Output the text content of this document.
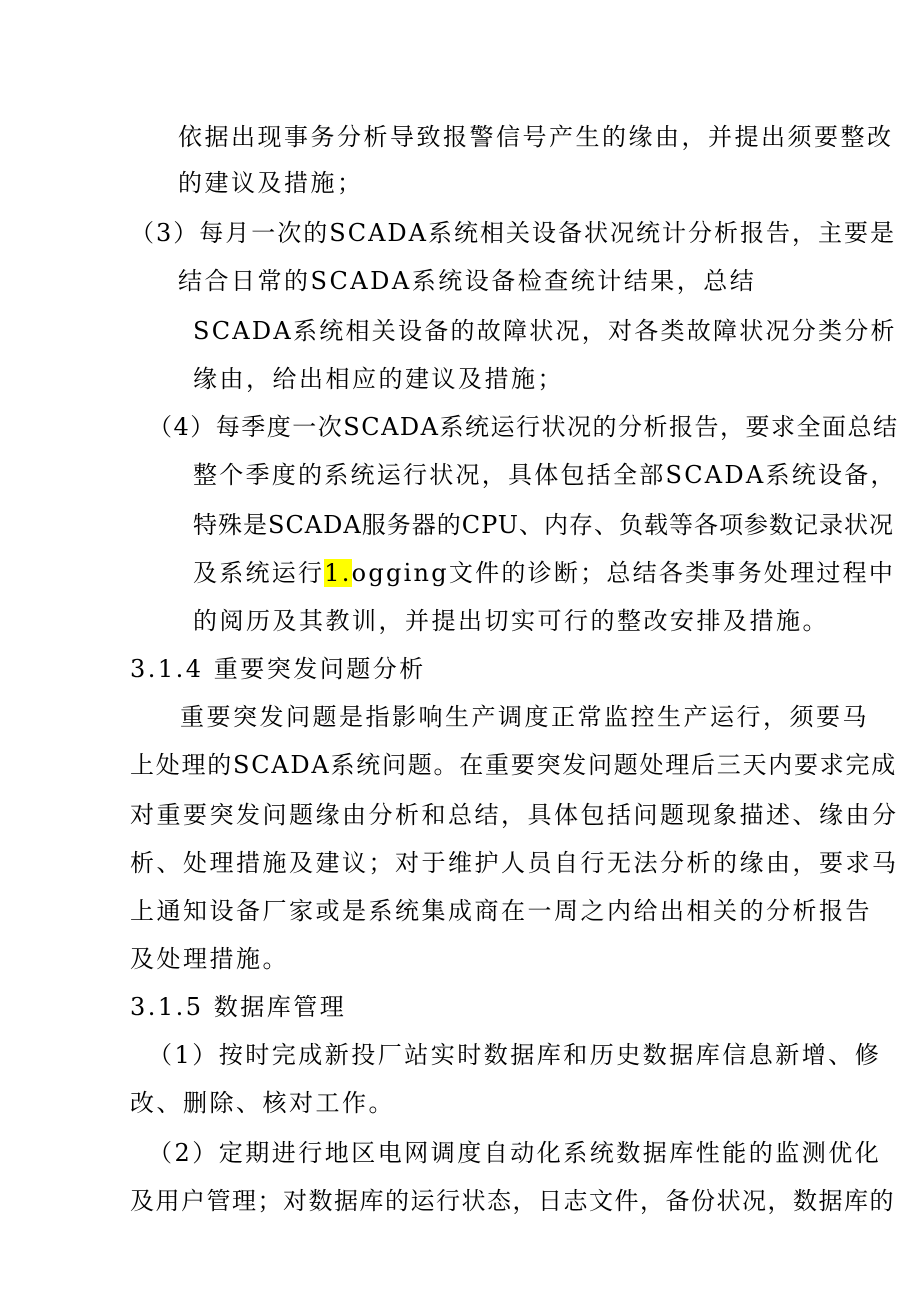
依据出现事务分析导致报警信号产生的缘由，并提出须要整改
的建议及措施；
（3）每月一次的SCADA系统相关设备状况统计分析报告，主要是
结合日常的SCADA系统设备检查统计结果，总结
SCADA系统相关设备的故障状况，对各类故障状况分类分析
缘由，给出相应的建议及措施；
（4）每季度一次SCADA系统运行状况的分析报告，要求全面总结
整个季度的系统运行状况，具体包括全部SCADA系统设备，
特殊是SCADA服务器的CPU、内存、负载等各项参数记录状况
及系统运行1.ogging文件的诊断；总结各类事务处理过程中
的阅历及其教训，并提出切实可行的整改安排及措施。
3.1.4 重要突发问题分析
重要突发问题是指影响生产调度正常监控生产运行，须要马
上处理的SCADA系统问题。在重要突发问题处理后三天内要求完成
对重要突发问题缘由分析和总结，具体包括问题现象描述、缘由分
析、处理措施及建议；对于维护人员自行无法分析的缘由，要求马
上通知设备厂家或是系统集成商在一周之内给出相关的分析报告
及处理措施。
3.1.5 数据库管理
（1）按时完成新投厂站实时数据库和历史数据库信息新增、修
改、删除、核对工作。
（2）定期进行地区电网调度自动化系统数据库性能的监测优化
及用户管理；对数据库的运行状态，日志文件，备份状况，数据库的
